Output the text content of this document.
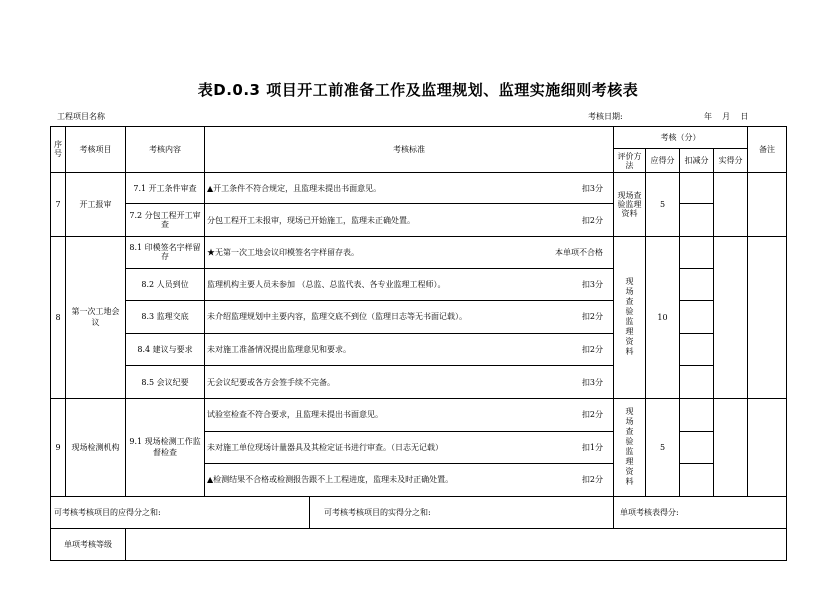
表D.0.3 项目开工前准备工作及监理规划、监理实施细则考核表
工程项目名称	考核日期:	年    月    日
序号	考核项目	考核内容	考核标准	考核（分）				备注
				评价方法	应得分	扣减分	实得分	
7	开工报审	7.1 开工条件审查	▲开工条件不符合规定，且监理未提出书面意见。 扣3分	现场查验监理资料	5			
		7.2 分包工程开工审查	分包工程开工未报审，现场已开始施工，监理未正确处置。 扣2分					

8	第一次工地会议	8.1 印模签名字样留存	★无第一次工地会议印模签名字样留存表。 本单项不合格	现场查验监理资料	10			
		8.2 人员到位	监理机构主要人员未参加 （总监、总监代表、各专业监理工程师）。 扣3分					

		8.3 监理交底	未介绍监理规划中主要内容，监理交底不到位（监理日志等无书面记载）。 扣2分					

		8.4 建议与要求	未对施工准备情况提出监理意见和要求。 扣2分					

		8.5 会议纪要	无会议纪要或各方会签手续不完备。 扣3分					

9	现场检测机构	9.1 现场检测工作监督检查	试验室检查不符合要求，且监理未提出书面意见。 扣2分	现场查验监理资料	5			

			未对施工单位现场计量器具及其检定证书进行审查。（日志无记载） 扣1分					

			▲检测结果不合格或检测报告跟不上工程进度，监理未及时正确处置。 扣2分					

可考核考核项目的应得分之和: 可考核考核项目的实得分之和:				单项考核表得分:				
单项考核等级								
